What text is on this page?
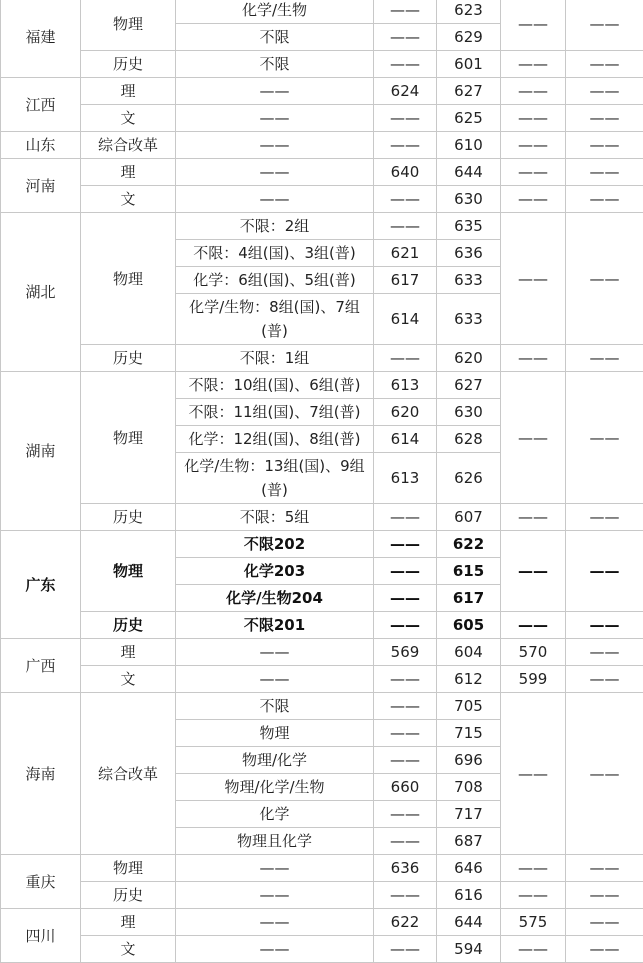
福建	物理	化学/生物	——	623	——	——
		不限	——	629		
	历史	不限	——	601	——	——
江西	理	——	624	627	——	——
	文	——	——	625	——	——
山东	综合改革	——	——	610	——	——
河南	理	——	640	644	——	——
	文	——	——	630	——	——
湖北	物理	不限：2组	——	635	——	——
		不限：4组(国)、3组(普)	621	636		
		化学：6组(国)、5组(普)	617	633		
		化学/生物：8组(国)、7组(普)	614	633		
	历史	不限：1组	——	620	——	——
湖南	物理	不限：10组(国)、6组(普)	613	627	——	——
		不限：11组(国)、7组(普)	620	630		
		化学：12组(国)、8组(普)	614	628		
		化学/生物：13组(国)、9组(普)	613	626		
	历史	不限：5组	——	607	——	——
广东	物理	不限202	——	622	——	——
		化学203	——	615		
		化学/生物204	——	617		
	历史	不限201	——	605	——	——
广西	理	——	569	604	570	——
	文	——	——	612	599	——
海南	综合改革	不限	——	705	——	——
		物理	——	715		
		物理/化学	——	696		
		物理/化学/生物	660	708		
		化学	——	717		
		物理且化学	——	687		
重庆	物理	——	636	646	——	——
	历史	——	——	616	——	——
四川	理	——	622	644	575	——
	文	——	——	594	——	——
